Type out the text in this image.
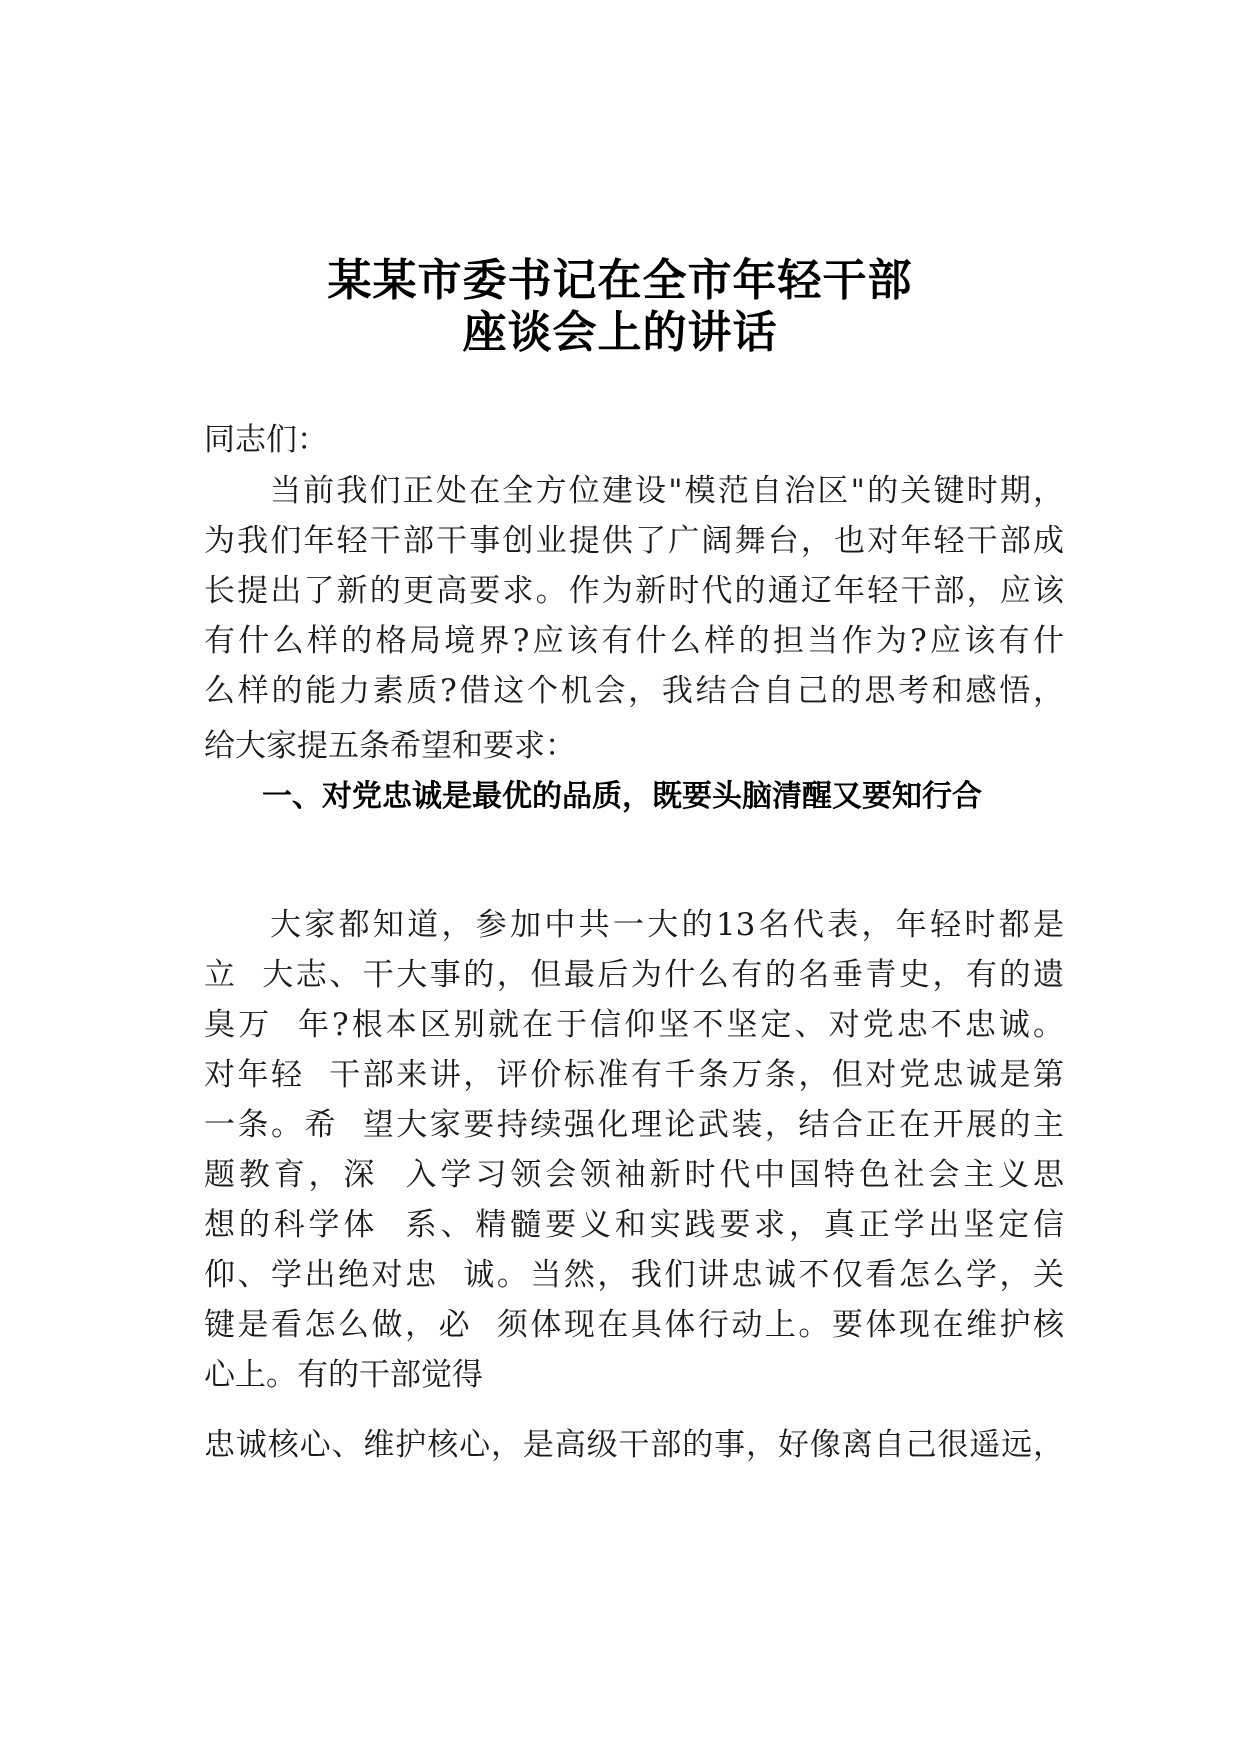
某某市委书记在全市年轻干部
座谈会上的讲话
同志们：
当前我们正处在全方位建设"模范自治区"的关键时期，
为我们年轻干部干事创业提供了广阔舞台，也对年轻干部成
长提出了新的更高要求。作为新时代的通辽年轻干部，应该
有什么样的格局境界?应该有什么样的担当作为?应该有什
么样的能力素质?借这个机会，我结合自己的思考和感悟，
给大家提五条希望和要求：
一、对党忠诚是最优的品质，既要头脑清醒又要知行合
大家都知道，参加中共一大的13名代表，年轻时都是
立  大志、干大事的，但最后为什么有的名垂青史，有的遗
臭万  年?根本区别就在于信仰坚不坚定、对党忠不忠诚。
对年轻  干部来讲，评价标准有千条万条，但对党忠诚是第
一条。希  望大家要持续强化理论武装，结合正在开展的主
题教育，深  入学习领会领袖新时代中国特色社会主义思
想的科学体  系、精髓要义和实践要求，真正学出坚定信
仰、学出绝对忠  诚。当然，我们讲忠诚不仅看怎么学，关
键是看怎么做，必  须体现在具体行动上。要体现在维护核
心上。有的干部觉得
忠诚核心、维护核心，是高级干部的事，好像离自己很遥远，
